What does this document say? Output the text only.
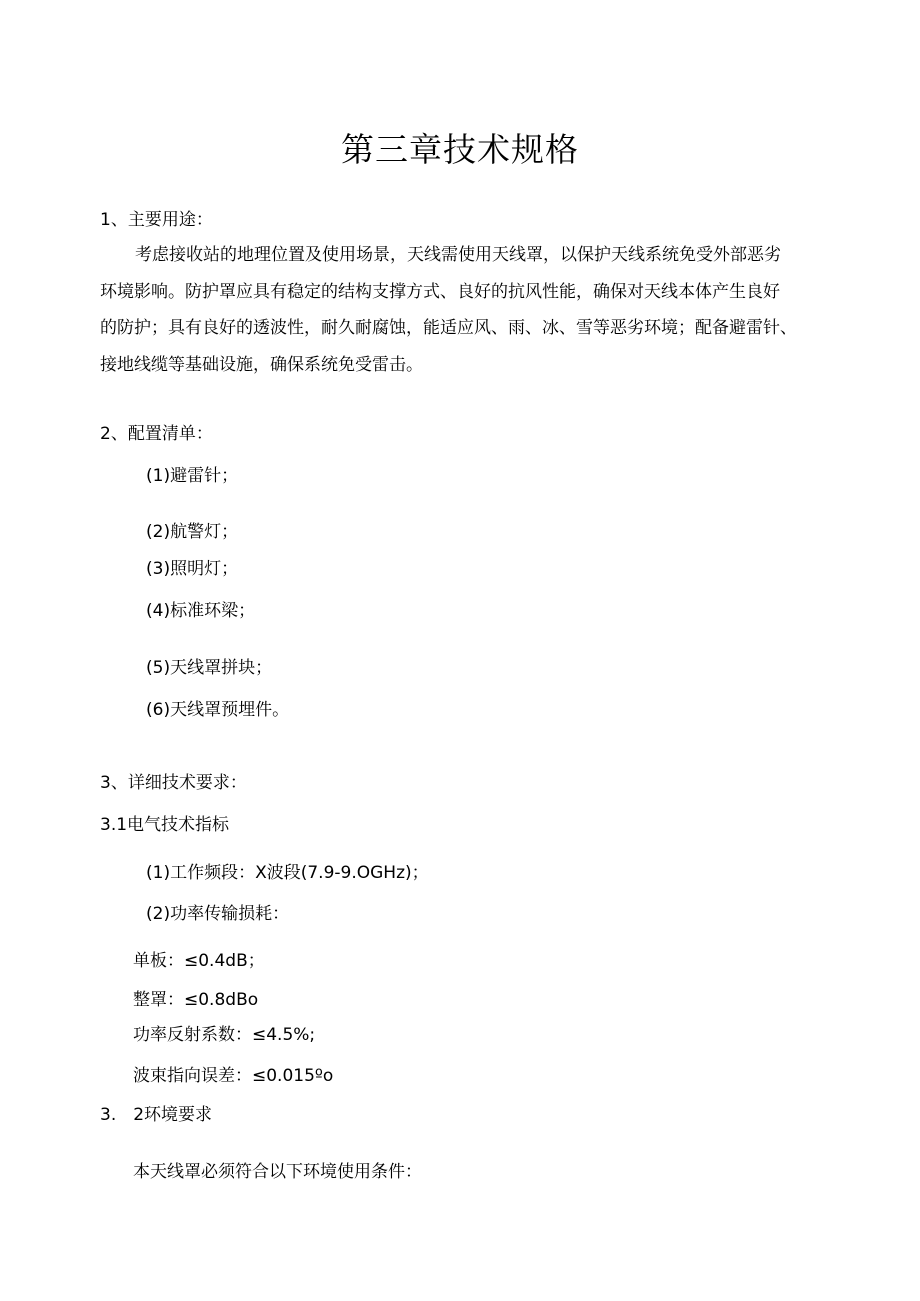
第三章技术规格
1、主要用途：
考虑接收站的地理位置及使用场景，天线需使用天线罩，以保护天线系统免受外部恶劣
环境影响。防护罩应具有稳定的结构支撑方式、良好的抗风性能，确保对天线本体产生良好
的防护；具有良好的透波性，耐久耐腐蚀，能适应风、雨、冰、雪等恶劣环境；配备避雷针、
接地线缆等基础设施，确保系统免受雷击。
2、配置清单：
(1)避雷针；
(2)航警灯；
(3)照明灯；
(4)标准环梁；
(5)天线罩拼块；
(6)天线罩预埋件。
3、详细技术要求：
3.1电气技术指标
(1)工作频段：X波段(7.9-9.OGHz)；
(2)功率传输损耗：
单板：≤0.4dB；
整罩：≤0.8dBo
功率反射系数：≤4.5%;
波束指向误差：≤0.015ºo
3.　2环境要求
本天线罩必须符合以下环境使用条件：
